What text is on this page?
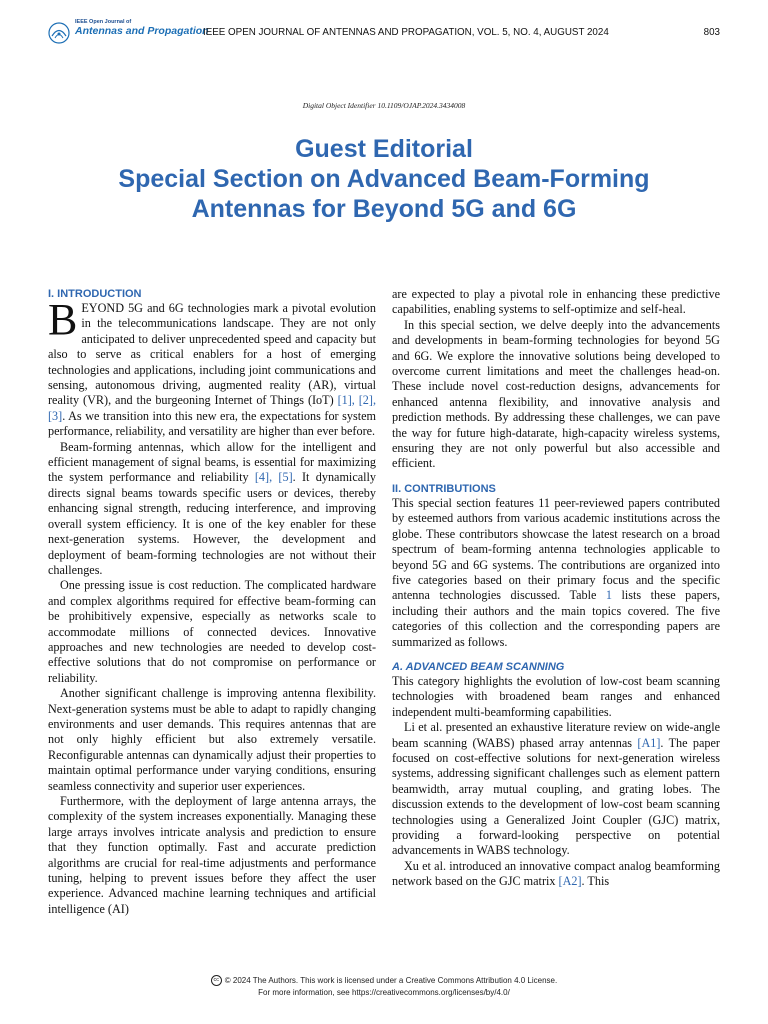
IEEE Open Journal of
Antennas and Propagation
IEEE OPEN JOURNAL OF ANTENNAS AND PROPAGATION, VOL. 5, NO. 4, AUGUST 2024	803
Digital Object Identifier 10.1109/OJAP.2024.3434008
Guest Editorial
Special Section on Advanced Beam-Forming
Antennas for Beyond 5G and 6G
I. INTRODUCTION

BEYOND 5G and 6G technologies mark a pivotal evolution in the telecommunications landscape. They are not only anticipated to deliver unprecedented speed and capacity but also to serve as critical enablers for a host of emerging technologies and applications, including joint communications and sensing, autonomous driving, augmented reality (AR), virtual reality (VR), and the burgeoning Internet of Things (IoT) [1], [2], [3]. As we transition into this new era, the expectations for system performance, reliability, and versatility are higher than ever before.

Beam-forming antennas, which allow for the intelligent and efficient management of signal beams, is essential for maximizing the system performance and reliability [4], [5]. It dynamically directs signal beams towards specific users or devices, thereby enhancing signal strength, reducing interference, and improving overall system efficiency. It is one of the key enabler for these next-generation systems. However, the development and deployment of beam-forming technologies are not without their challenges.

One pressing issue is cost reduction. The complicated hardware and complex algorithms required for effective beam-forming can be prohibitively expensive, especially as networks scale to accommodate millions of connected devices. Innovative approaches and new technologies are needed to develop cost-effective solutions that do not compromise on performance or reliability.

Another significant challenge is improving antenna flexibility. Next-generation systems must be able to adapt to rapidly changing environments and user demands. This requires antennas that are not only highly efficient but also extremely versatile. Reconfigurable antennas can dynamically adjust their properties to maintain optimal performance under varying conditions, ensuring seamless connectivity and superior user experiences.

Furthermore, with the deployment of large antenna arrays, the complexity of the system increases exponentially. Managing these large arrays involves intricate analysis and prediction to ensure that they function optimally. Fast and accurate prediction algorithms are crucial for real-time adjustments and performance tuning, helping to prevent issues before they affect the user experience. Advanced machine learning techniques and artificial intelligence (AI)

are expected to play a pivotal role in enhancing these predictive capabilities, enabling systems to self-optimize and self-heal.

In this special section, we delve deeply into the advancements and developments in beam-forming technologies for beyond 5G and 6G. We explore the innovative solutions being developed to overcome current limitations and meet the challenges head-on. These include novel cost-reduction designs, advancements for enhanced antenna flexibility, and innovative analysis and prediction methods. By addressing these challenges, we can pave the way for future high-datarate, high-capacity wireless systems, ensuring they are not only powerful but also accessible and efficient.

II. CONTRIBUTIONS

This special section features 11 peer-reviewed papers contributed by esteemed authors from various academic institutions across the globe. These contributors showcase the latest research on a broad spectrum of beam-forming antenna technologies applicable to beyond 5G and 6G systems. The contributions are organized into five categories based on their primary focus and the specific antenna technologies discussed. Table 1 lists these papers, including their authors and the main topics covered. The five categories of this collection and the corresponding papers are summarized as follows.

A. ADVANCED BEAM SCANNING

This category highlights the evolution of low-cost beam scanning technologies with broadened beam ranges and enhanced independent multi-beamforming capabilities.

Li et al. presented an exhaustive literature review on wide-angle beam scanning (WABS) phased array antennas [A1]. The paper focused on cost-effective solutions for next-generation wireless systems, addressing significant challenges such as element pattern beamwidth, array mutual coupling, and grating lobes. The discussion extends to the development of low-cost beam scanning technologies using a Generalized Joint Coupler (GJC) matrix, providing a forward-looking perspective on potential advancements in WABS technology.

Xu et al. introduced an innovative compact analog beamforming network based on the GJC matrix [A2]. This

cc © 2024 The Authors. This work is licensed under a Creative Commons Attribution 4.0 License.
For more information, see https://creativecommons.org/licenses/by/4.0/
